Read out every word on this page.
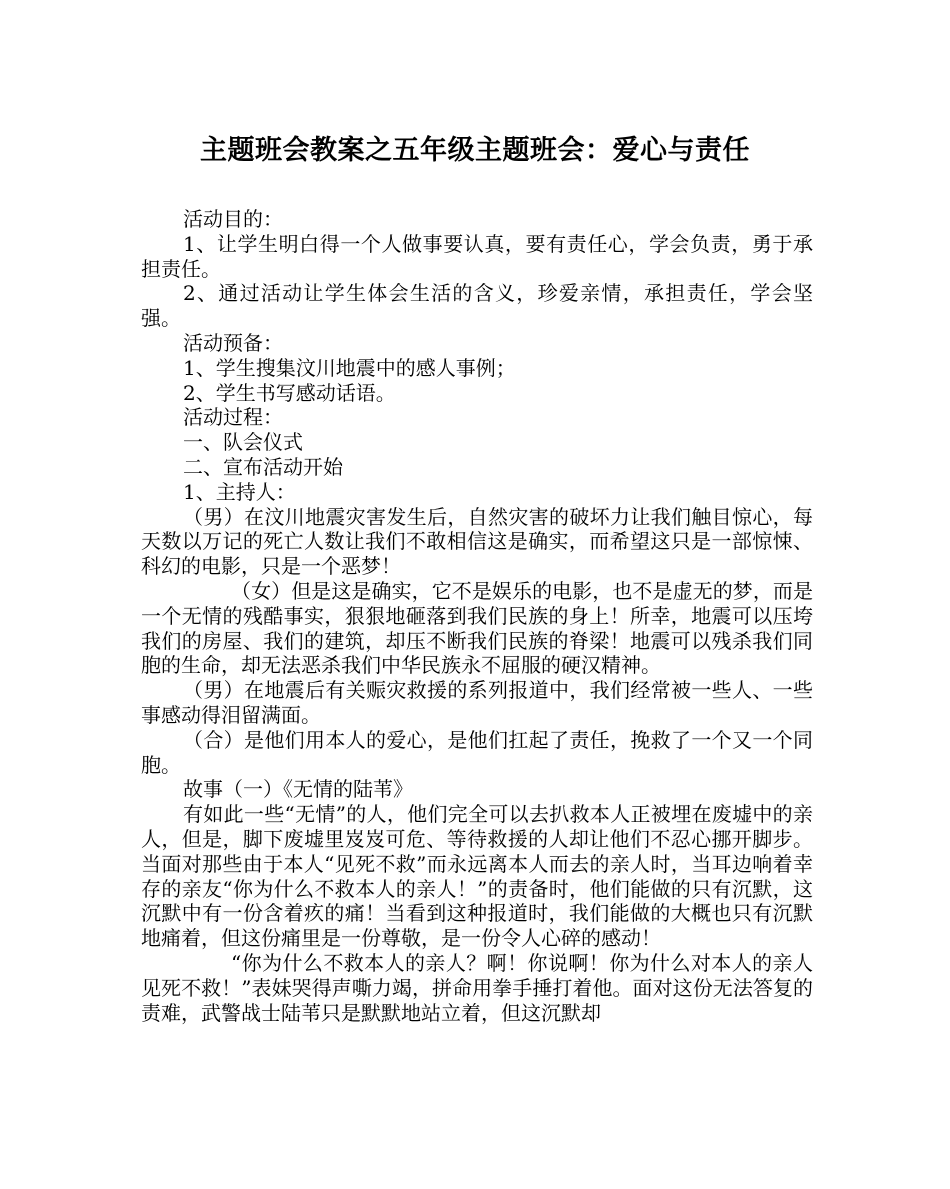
主题班会教案之五年级主题班会：爱心与责任

活动目的：

1、让学生明白得一个人做事要认真，要有责任心，学会负责，勇于承担责任。

2、通过活动让学生体会生活的含义，珍爱亲情，承担责任，学会坚强。

活动预备：

1、学生搜集汶川地震中的感人事例；

2、学生书写感动话语。

活动过程：

一、队会仪式

二、宣布活动开始

1、主持人：

（男）在汶川地震灾害发生后，自然灾害的破坏力让我们触目惊心，每天数以万记的死亡人数让我们不敢相信这是确实，而希望这只是一部惊悚、科幻的电影，只是一个恶梦！

（女）但是这是确实，它不是娱乐的电影，也不是虚无的梦，而是一个无情的残酷事实，狠狠地砸落到我们民族的身上！所幸，地震可以压垮我们的房屋、我们的建筑，却压不断我们民族的脊梁！地震可以残杀我们同胞的生命，却无法恶杀我们中华民族永不屈服的硬汉精神。

（男）在地震后有关赈灾救援的系列报道中，我们经常被一些人、一些事感动得泪留满面。

（合）是他们用本人的爱心，是他们扛起了责任，挽救了一个又一个同胞。

故事（一）《无情的陆苇》

有如此一些“无情”的人，他们完全可以去扒救本人正被埋在废墟中的亲人，但是，脚下废墟里岌岌可危、等待救援的人却让他们不忍心挪开脚步。当面对那些由于本人“见死不救”而永远离本人而去的亲人时，当耳边响着幸存的亲友“你为什么不救本人的亲人！”的责备时，他们能做的只有沉默，这沉默中有一份含着疚的痛！当看到这种报道时，我们能做的大概也只有沉默地痛着，但这份痛里是一份尊敬，是一份令人心碎的感动！

“你为什么不救本人的亲人？啊！你说啊！你为什么对本人的亲人见死不救！”表妹哭得声嘶力竭，拼命用拳手捶打着他。面对这份无法答复的责难，武警战士陆苇只是默默地站立着，但这沉默却
